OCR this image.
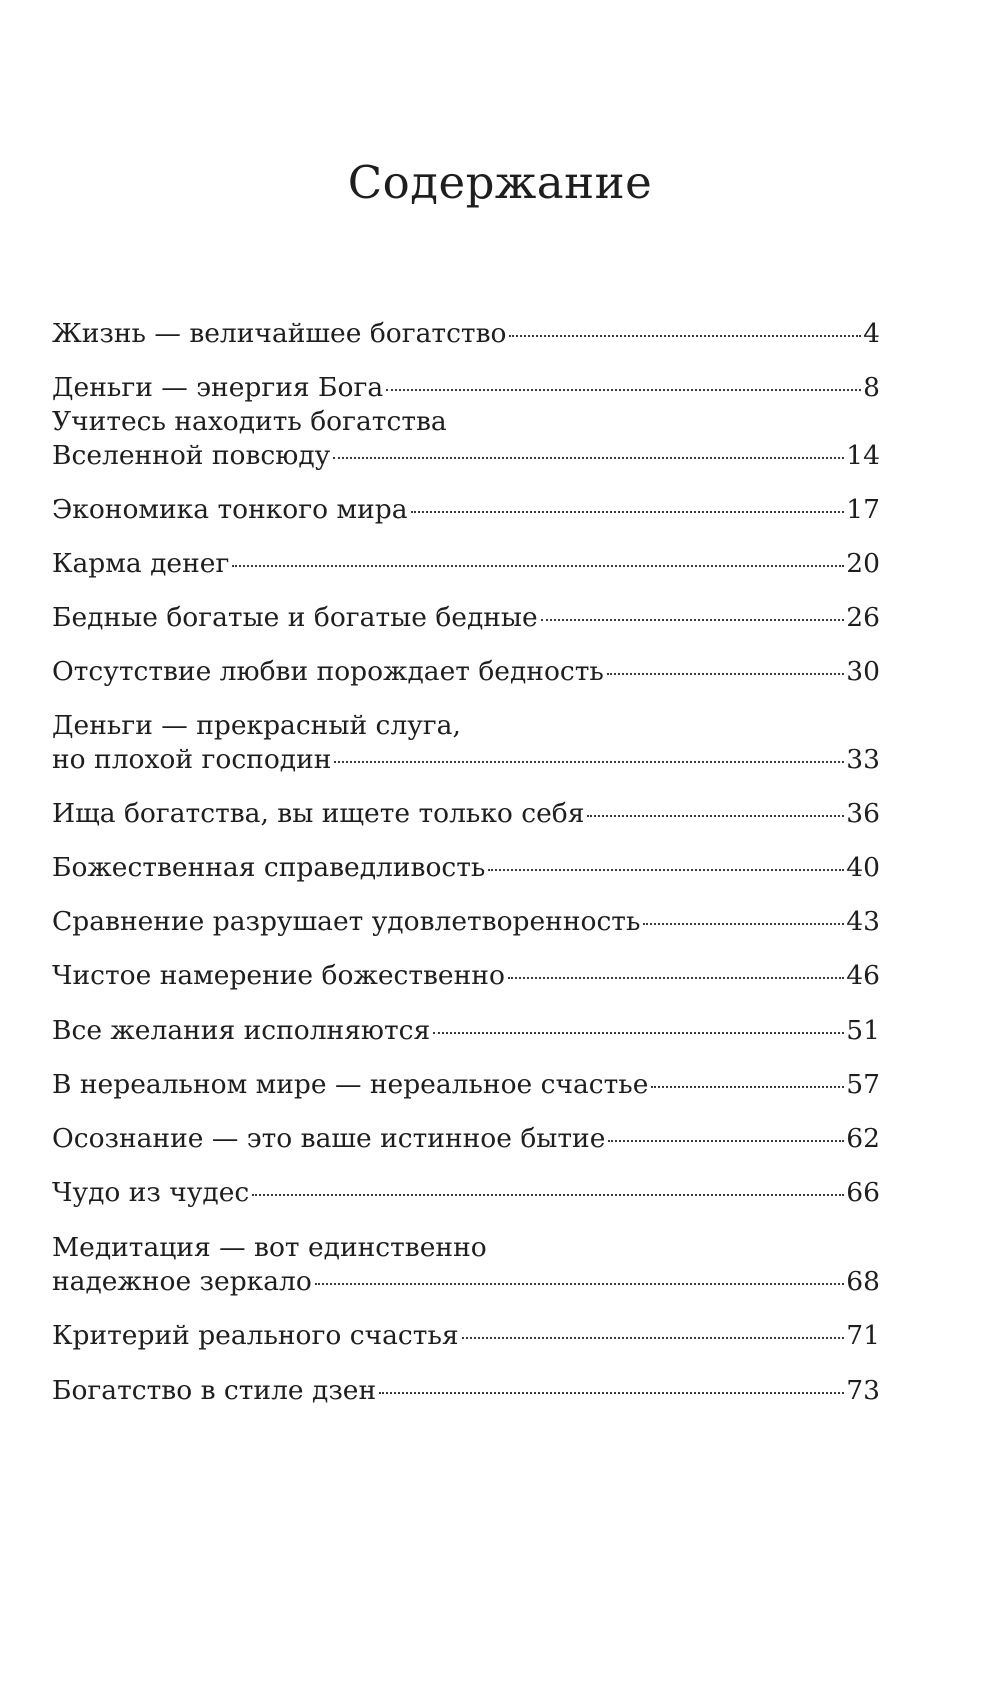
Содержание
Жизнь — величайшее богатство	4
Деньги — энергия Бога	8
Учитесь находить богатства
Вселенной повсюду	14
Экономика тонкого мира	17
Карма денег	20
Бедные богатые и богатые бедные	26
Отсутствие любви порождает бедность	30
Деньги — прекрасный слуга,
но плохой господин	33
Ища богатства, вы ищете только себя	36
Божественная справедливость	40
Сравнение разрушает удовлетворенность	43
Чистое намерение божественно	46
Все желания исполняются	51
В нереальном мире — нереальное счастье	57
Осознание — это ваше истинное бытие	62
Чудо из чудес	66
Медитация — вот единственно
надежное зеркало	68
Критерий реального счастья	71
Богатство в стиле дзен	73
